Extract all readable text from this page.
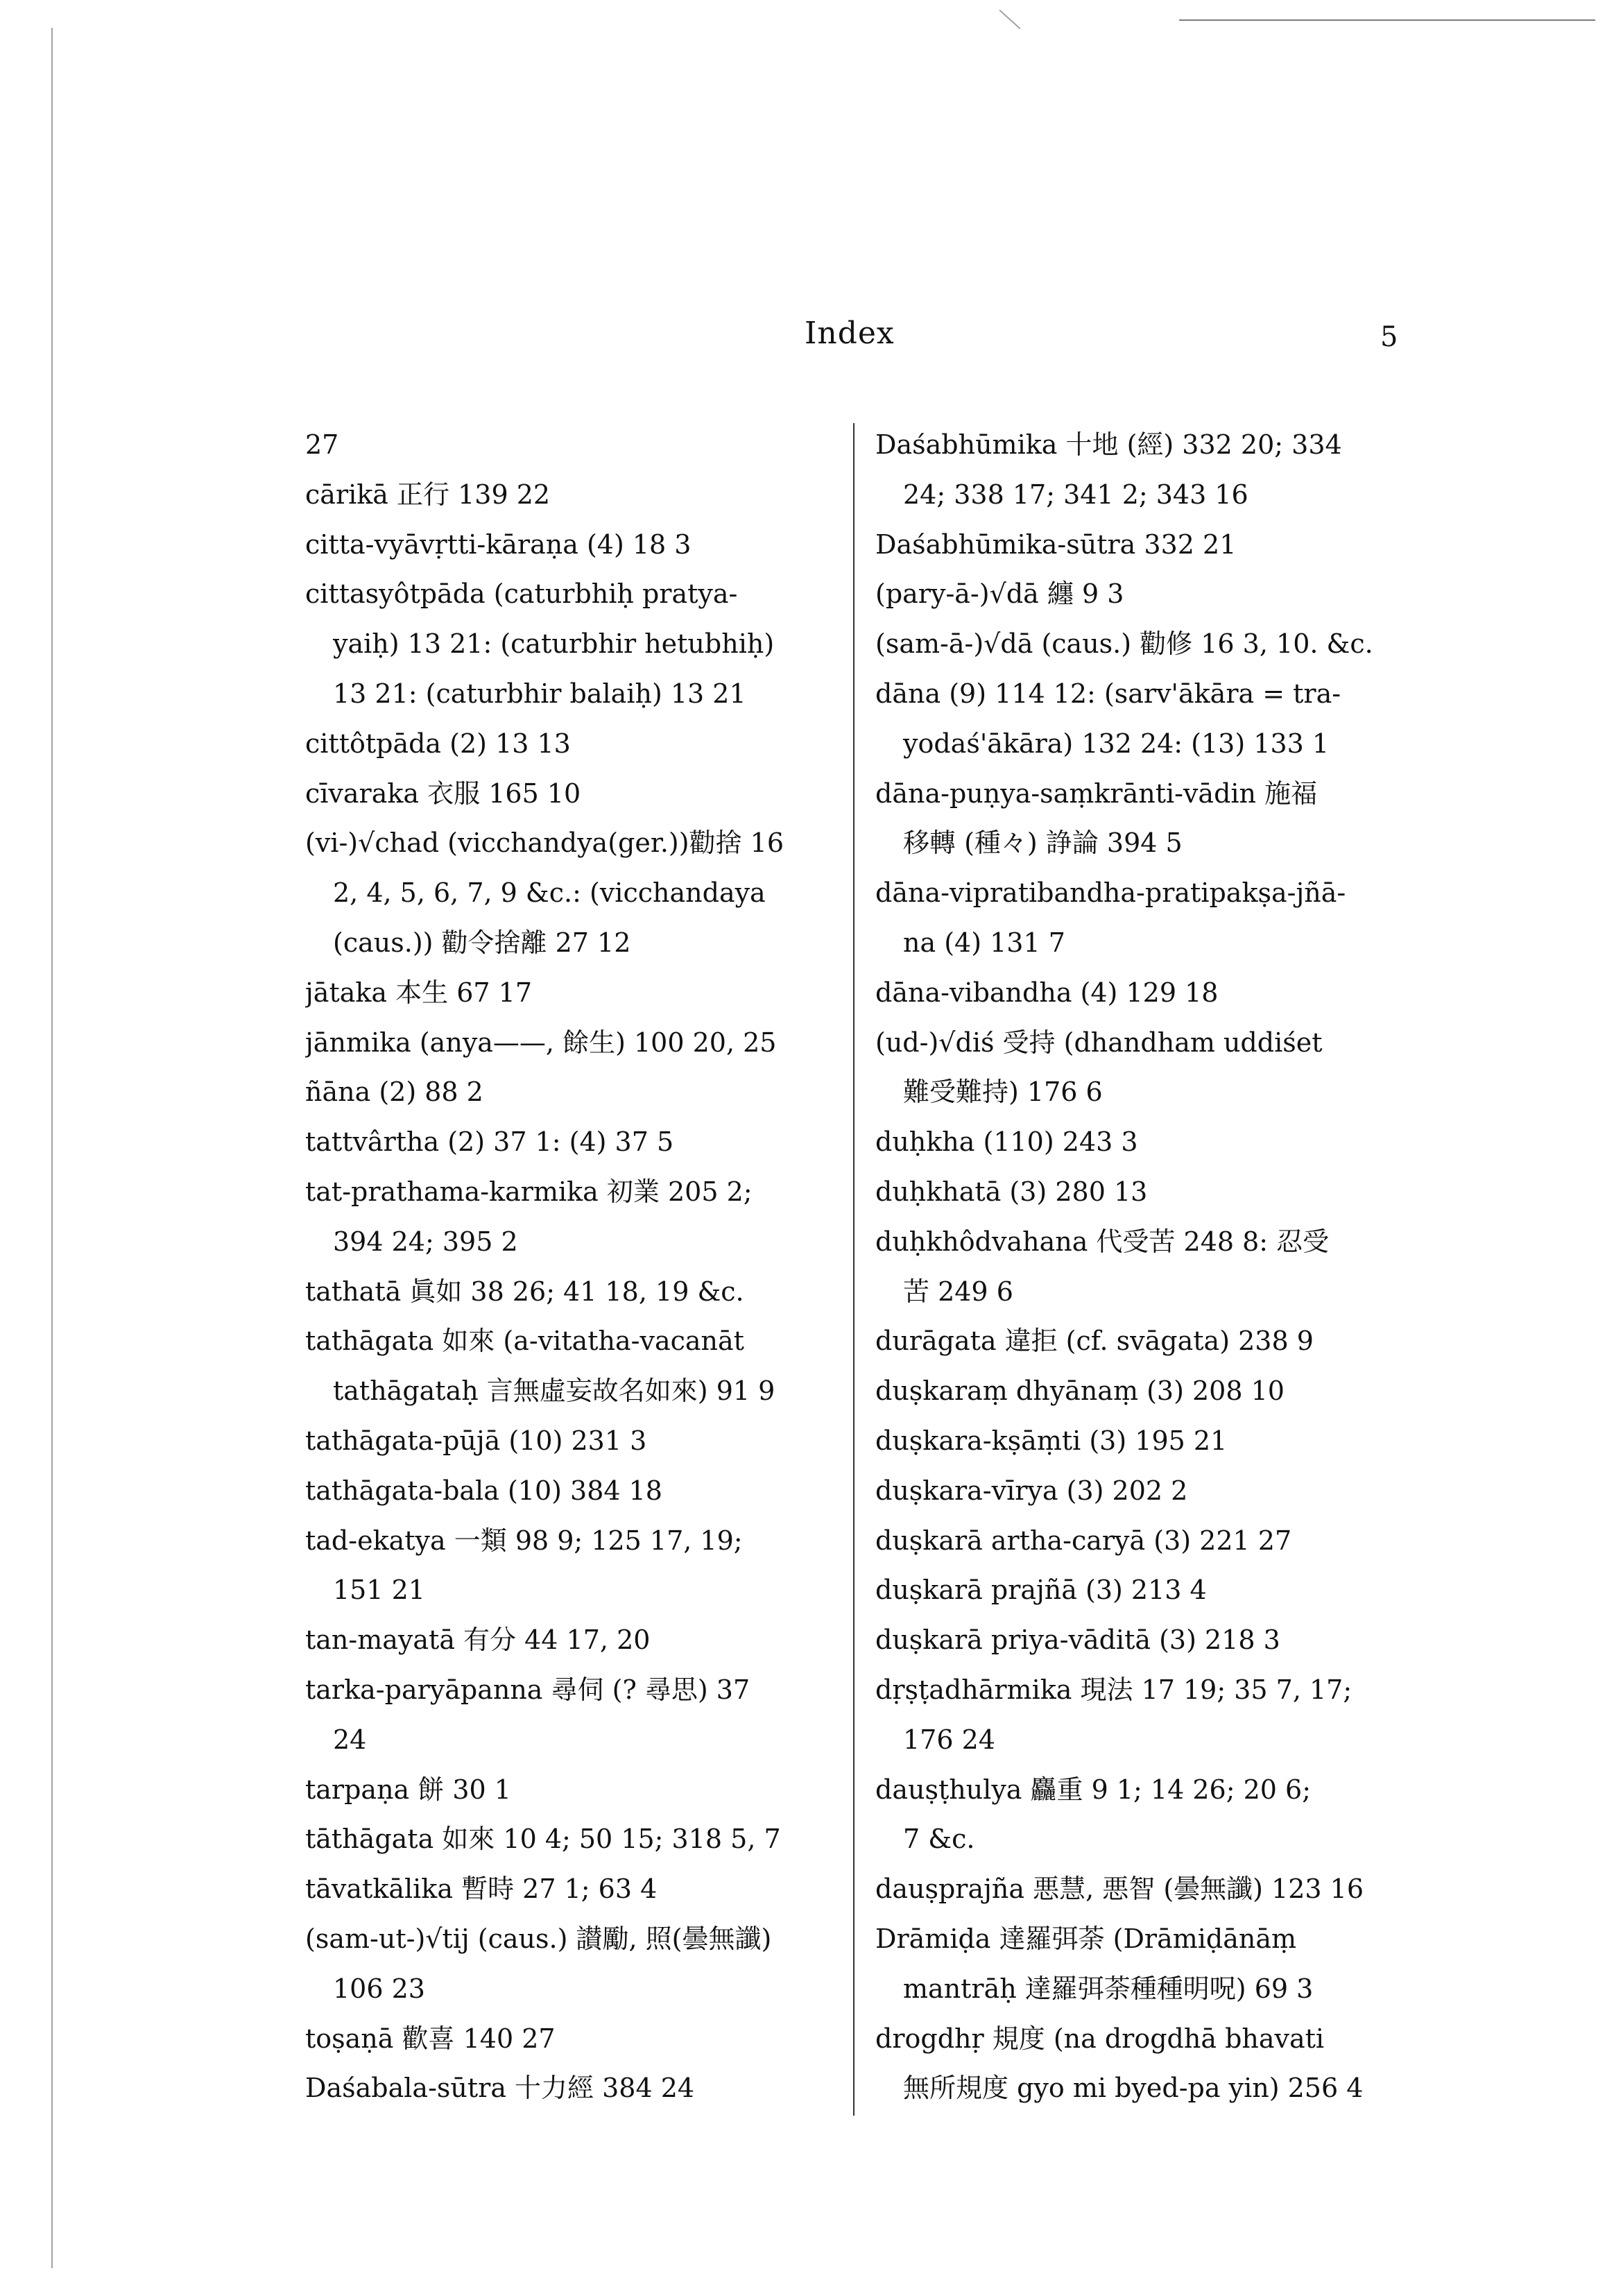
Index	5
27
cārikā 正行 139 22
citta-vyāvṛtti-kāraṇa (4) 18 3
cittasyôtpāda (caturbhiḥ pratya-
yaiḥ) 13 21: (caturbhir hetubhiḥ)
13 21: (caturbhir balaiḥ) 13 21
cittôtpāda (2) 13 13
cīvaraka 衣服 165 10
(vi-)√chad (vicchandya(ger.))勸捨 16
2, 4, 5, 6, 7, 9 &c.: (vicchandaya
(caus.)) 勸令捨離 27 12
jātaka 本生 67 17
jānmika (anya——, 餘生) 100 20, 25
ñāna (2) 88 2
tattvârtha (2) 37 1: (4) 37 5
tat-prathama-karmika 初業 205 2;
394 24; 395 2
tathatā 眞如 38 26; 41 18, 19 &c.
tathāgata 如來 (a-vitatha-vacanāt
tathāgataḥ 言無虛妄故名如來) 91 9
tathāgata-pūjā (10) 231 3
tathāgata-bala (10) 384 18
tad-ekatya 一類 98 9; 125 17, 19;
151 21
tan-mayatā 有分 44 17, 20
tarka-paryāpanna 尋伺 (? 尋思) 37
24
tarpaṇa 餅 30 1
tāthāgata 如來 10 4; 50 15; 318 5, 7
tāvatkālika 暫時 27 1; 63 4
(sam-ut-)√tij (caus.) 讃勵, 照(曇無讖)
106 23
toṣaṇā 歡喜 140 27
Daśabala-sūtra 十力經 384 24
Daśabhūmika 十地 (經) 332 20; 334
24; 338 17; 341 2; 343 16
Daśabhūmika-sūtra 332 21
(pary-ā-)√dā 纏 9 3
(sam-ā-)√dā (caus.) 勸修 16 3, 10. &c.
dāna (9) 114 12: (sarv'ākāra = tra-
yodaś'ākāra) 132 24: (13) 133 1
dāna-puṇya-saṃkrānti-vādin 施福
移轉 (種々) 諍論 394 5
dāna-vipratibandha-pratipakṣa-jñā-
na (4) 131 7
dāna-vibandha (4) 129 18
(ud-)√diś 受持 (dhandham uddiśet
難受難持) 176 6
duḥkha (110) 243 3
duḥkhatā (3) 280 13
duḥkhôdvahana 代受苦 248 8: 忍受
苦 249 6
durāgata 違拒 (cf. svāgata) 238 9
duṣkaraṃ dhyānaṃ (3) 208 10
duṣkara-kṣāṃti (3) 195 21
duṣkara-vīrya (3) 202 2
duṣkarā artha-caryā (3) 221 27
duṣkarā prajñā (3) 213 4
duṣkarā priya-vāditā (3) 218 3
dṛṣṭadhārmika 現法 17 19; 35 7, 17;
176 24
dauṣṭhulya 麤重 9 1; 14 26; 20 6;
7 &c.
dauṣprajña 悪慧, 悪智 (曇無讖) 123 16
Drāmiḍa 達羅弭荼 (Drāmiḍānāṃ
mantrāḥ 達羅弭荼種種明呪) 69 3
drogdhṛ 規度 (na drogdhā bhavati
無所規度 gyo mi byed-pa yin) 256 4
